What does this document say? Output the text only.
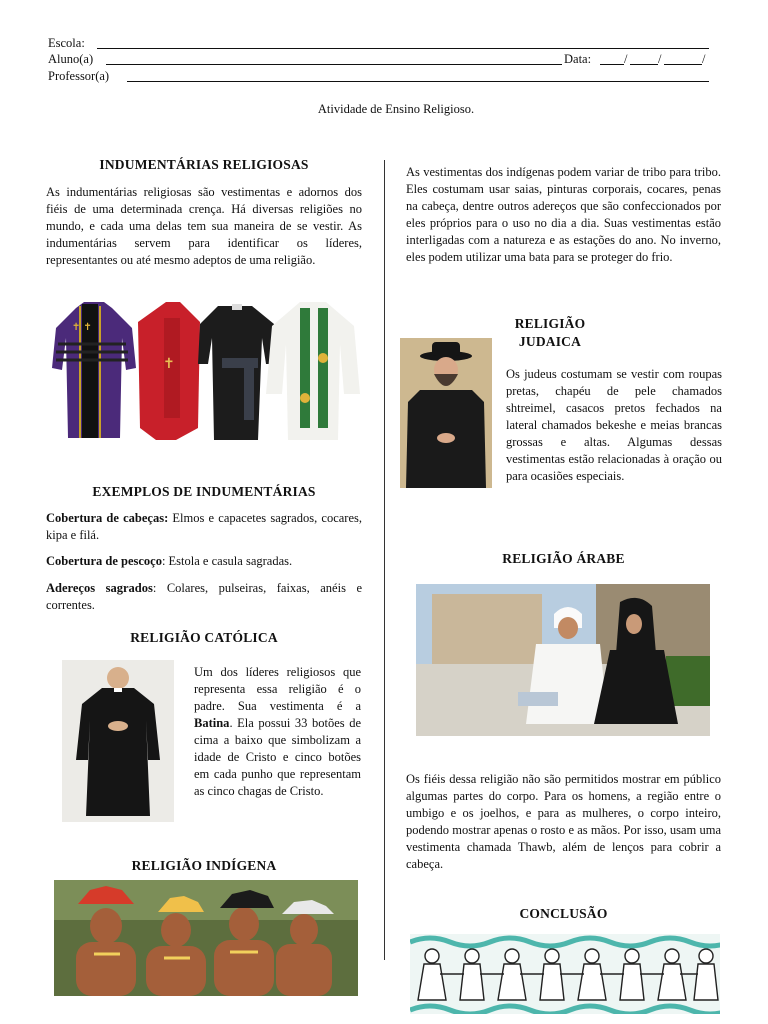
Escola:
Aluno(a)	Data:	/ /	/
Professor(a)
Atividade de Ensino Religioso.
INDUMENTÁRIAS RELIGIOSAS
As indumentárias religiosas são vestimentas e adornos dos fiéis de uma determinada crença. Há diversas religiões no mundo, e cada uma delas tem sua maneira de se vestir. As indumentárias servem para identificar os líderes, representantes ou até mesmo adeptos de uma religião.
✝ ✝
✝
EXEMPLOS DE INDUMENTÁRIAS
Cobertura de cabeças: Elmos e capacetes sagrados, cocares, kipa e filá.
Cobertura de pescoço: Estola e casula sagradas.
Adereços sagrados: Colares, pulseiras, faixas, anéis e correntes.
RELIGIÃO CATÓLICA
Um dos líderes religiosos que representa essa religião é o padre. Sua vestimenta é a Batina. Ela possui 33 botões de cima a baixo que simbolizam a idade de Cristo e cinco botões em cada punho que representam as cinco chagas de Cristo.
RELIGIÃO INDÍGENA
As vestimentas dos indígenas podem variar de tribo para tribo. Eles costumam usar saias, pinturas corporais, cocares, penas na cabeça, dentre outros adereços que são confeccionados por eles próprios para o uso no dia a dia. Suas vestimentas estão interligadas com a natureza e as estações do ano. No inverno, eles podem utilizar uma bata para se proteger do frio.
RELIGIÃO
JUDAICA
Os judeus costumam se vestir com roupas pretas, chapéu de pele chamados shtreimel, casacos pretos fechados na lateral chamados bekeshe e meias brancas grossas e altas. Algumas dessas vestimentas estão relacionadas à oração ou para ocasiões especiais.
RELIGIÃO ÁRABE
Os fiéis dessa religião não são permitidos mostrar em público algumas partes do corpo. Para os homens, a região entre o umbigo e os joelhos, e para as mulheres, o corpo inteiro, podendo mostrar apenas o rosto e as mãos. Por isso, usam uma vestimenta chamada Thawb, além de lenços para cobrir a cabeça.
CONCLUSÃO
